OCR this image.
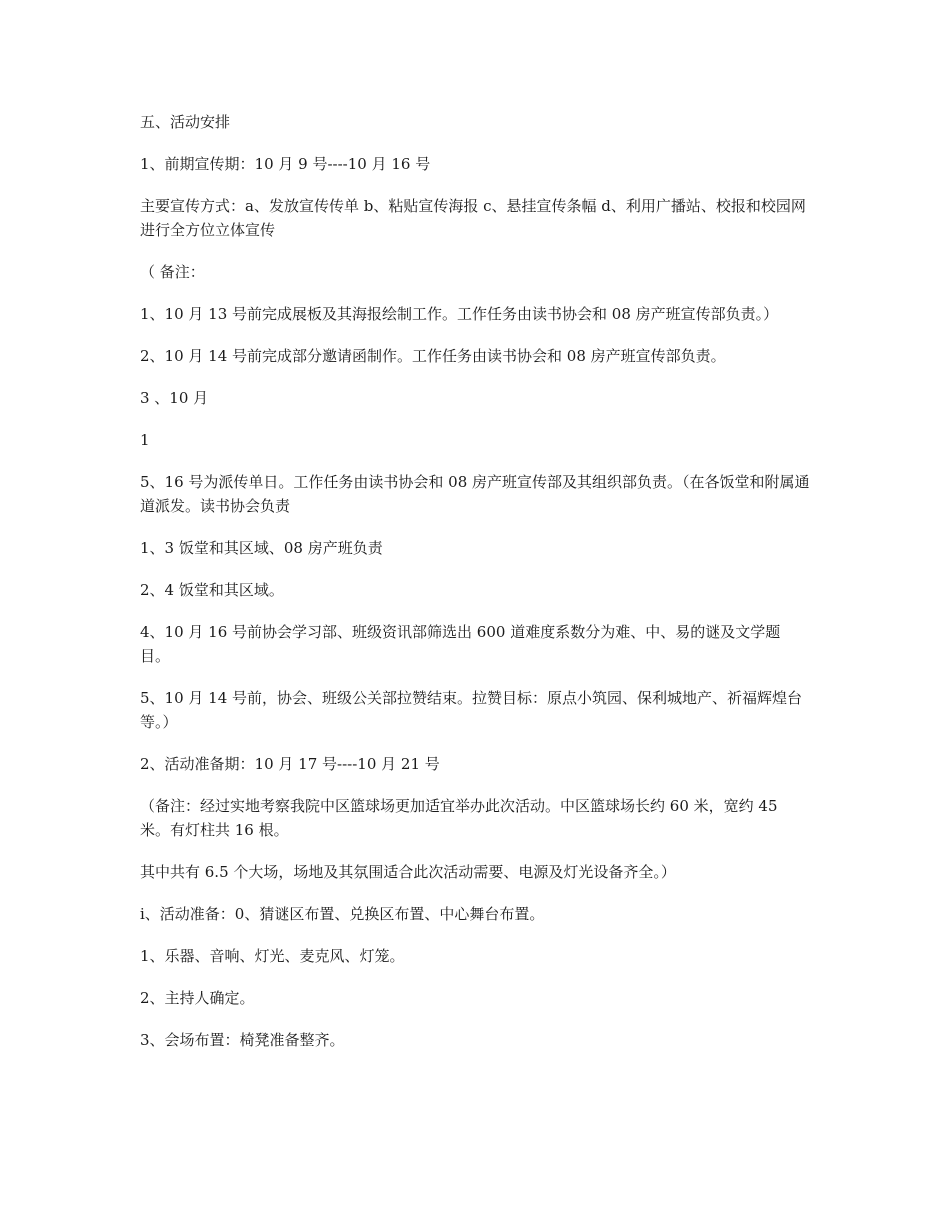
五、活动安排

1、前期宣传期：10 月 9 号----10 月 16 号

主要宣传方式：a、发放宣传传单 b、粘贴宣传海报 c、悬挂宣传条幅 d、利用广播站、校报和校园网进行全方位立体宣传

（ 备注：

1、10 月 13 号前完成展板及其海报绘制工作。工作任务由读书协会和 08 房产班宣传部负责。）

2、10 月 14 号前完成部分邀请函制作。工作任务由读书协会和 08 房产班宣传部负责。

3 、10 月

1

5、16 号为派传单日。工作任务由读书协会和 08 房产班宣传部及其组织部负责。（在各饭堂和附属通道派发。读书协会负责

1、3 饭堂和其区域、08 房产班负责

2、4 饭堂和其区域。

4、10 月 16 号前协会学习部、班级资讯部筛选出 600 道难度系数分为难、中、易的谜及文学题目。

5、10 月 14 号前，协会、班级公关部拉赞结束。拉赞目标：原点小筑园、保利城地产、祈福辉煌台等。）

2、活动准备期：10 月 17 号----10 月 21 号

（备注：经过实地考察我院中区篮球场更加适宜举办此次活动。中区篮球场长约 60 米，宽约 45 米。有灯柱共 16 根。

其中共有 6.5 个大场，场地及其氛围适合此次活动需要、电源及灯光设备齐全。）

i、活动准备：0、猜谜区布置、兑换区布置、中心舞台布置。

1、乐器、音响、灯光、麦克风、灯笼。

2、主持人确定。

3、会场布置：椅凳准备整齐。
